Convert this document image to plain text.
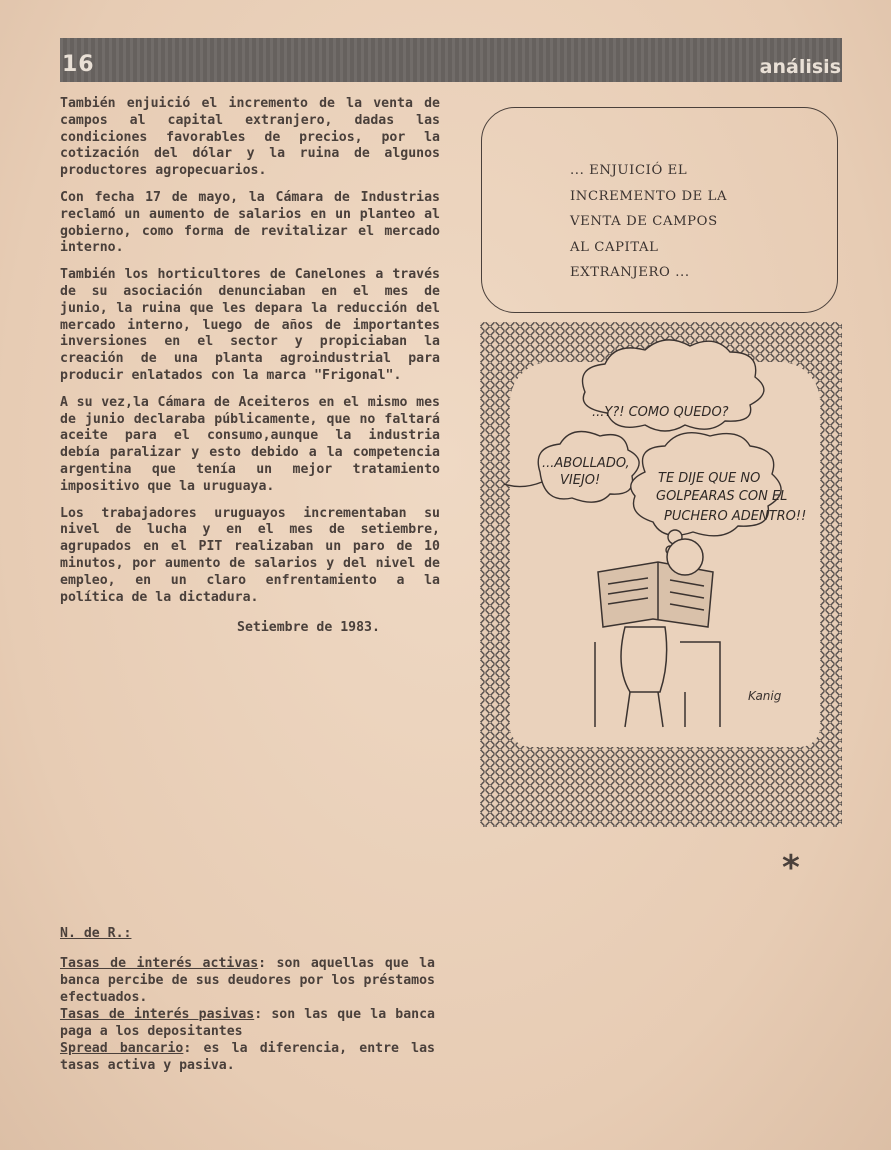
16	análisis

También enjuició el incremento de la venta de campos al capital extranjero, dadas las condiciones favorables de precios, por la cotización del dólar y la ruina de algunos productores agropecuarios.

Con fecha 17 de mayo, la Cámara de Industrias reclamó un aumento de salarios en un planteo al gobierno, como forma de revitalizar el mercado interno.

También los horticultores de Canelones a través de su asociación denunciaban en el mes de junio, la ruina que les depara la reducción del mercado interno, luego de años de importantes inversiones en el sector y propiciaban la creación de una planta agroindustrial para producir enlatados con la marca "Frigonal".

A su vez,la Cámara de Aceiteros en el mismo mes de junio declaraba públicamente, que no faltará aceite para el consumo,aunque la industria debía paralizar y esto debido a la competencia argentina que tenía un mejor tratamiento impositivo que la uruguaya.

Los trabajadores uruguayos incrementaban su nivel de lucha y en el mes de setiembre, agrupados en el PIT realizaban un paro de 10 minutos, por aumento de salarios y del nivel de empleo, en un claro enfrentamiento a la política de la dictadura.

Setiembre de 1983.
... ENJUICIÓ EL
INCREMENTO DE LA
VENTA DE CAMPOS
AL CAPITAL
EXTRANJERO ...
...Y?! COMO QUEDO?
...ABOLLADO,
VIEJO!	TE DIJE QUE NO
GOLPEARAS CON EL
PUCHERO ADENTRO!!
Kanig
*

N. de R.:

Tasas de interés activas: son aquellas que la banca percibe de sus deudores por los préstamos efectuados.
Tasas de interés pasivas: son las que la banca paga a los depositantes
Spread bancario: es la diferencia, entre las tasas activa y pasiva.
